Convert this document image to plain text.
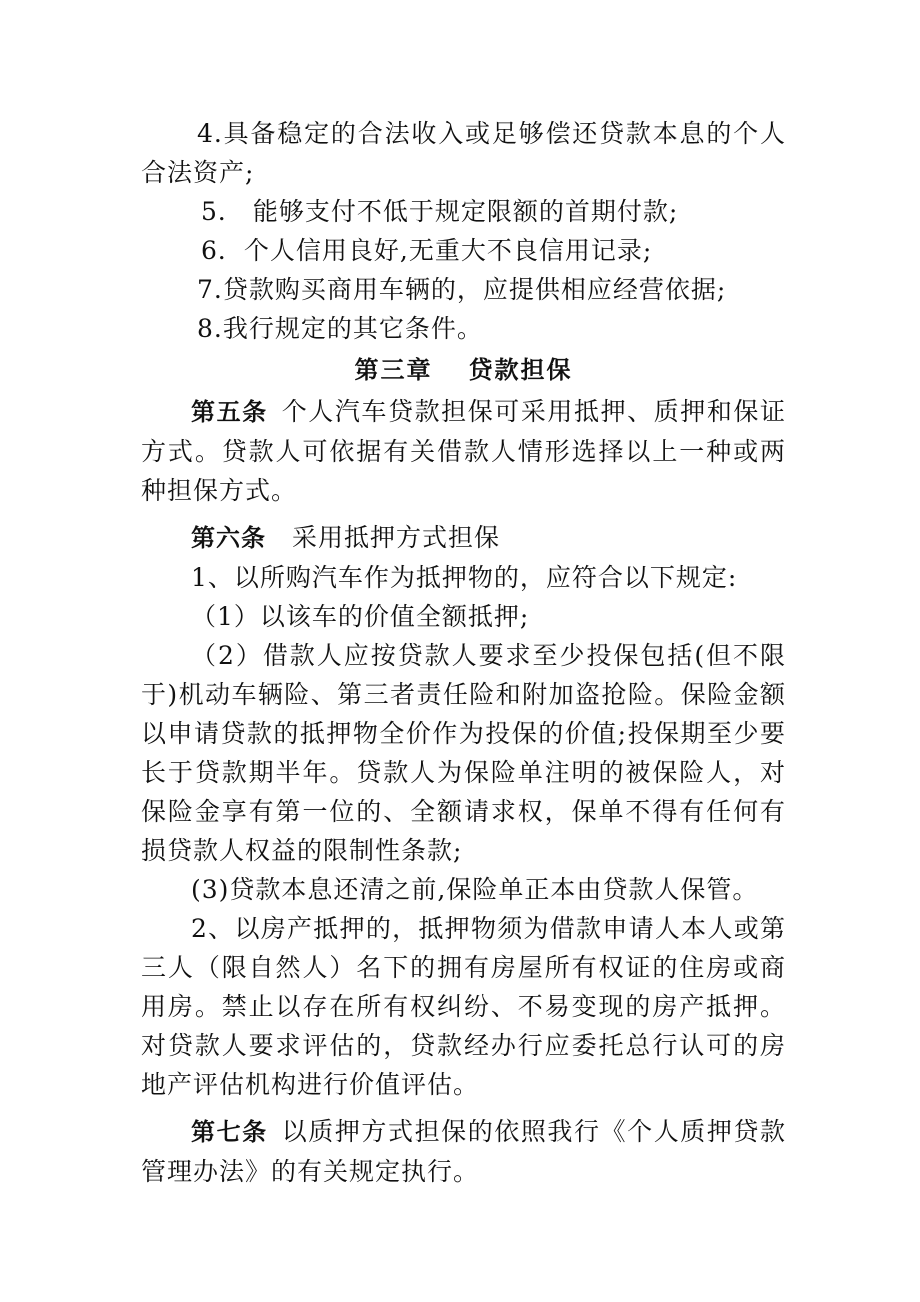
4.具备稳定的合法收入或足够偿还贷款本息的个人合法资产;

5． 能够支付不低于规定限额的首期付款;

6．个人信用良好,无重大不良信用记录;

7.贷款购买商用车辆的，应提供相应经营依据;

8.我行规定的其它条件。

第三章 贷款担保

第五条 个人汽车贷款担保可采用抵押、质押和保证方式。贷款人可依据有关借款人情形选择以上一种或两种担保方式。

第六条 采用抵押方式担保

1、以所购汽车作为抵押物的，应符合以下规定:

（1）以该车的价值全额抵押;

（2）借款人应按贷款人要求至少投保包括(但不限于)机动车辆险、第三者责任险和附加盗抢险。保险金额以申请贷款的抵押物全价作为投保的价值;投保期至少要长于贷款期半年。贷款人为保险单注明的被保险人，对保险金享有第一位的、全额请求权，保单不得有任何有损贷款人权益的限制性条款;

(3)贷款本息还清之前,保险单正本由贷款人保管。

2、以房产抵押的，抵押物须为借款申请人本人或第三人（限自然人）名下的拥有房屋所有权证的住房或商用房。禁止以存在所有权纠纷、不易变现的房产抵押。对贷款人要求评估的，贷款经办行应委托总行认可的房地产评估机构进行价值评估。

第七条 以质押方式担保的依照我行《个人质押贷款管理办法》的有关规定执行。
